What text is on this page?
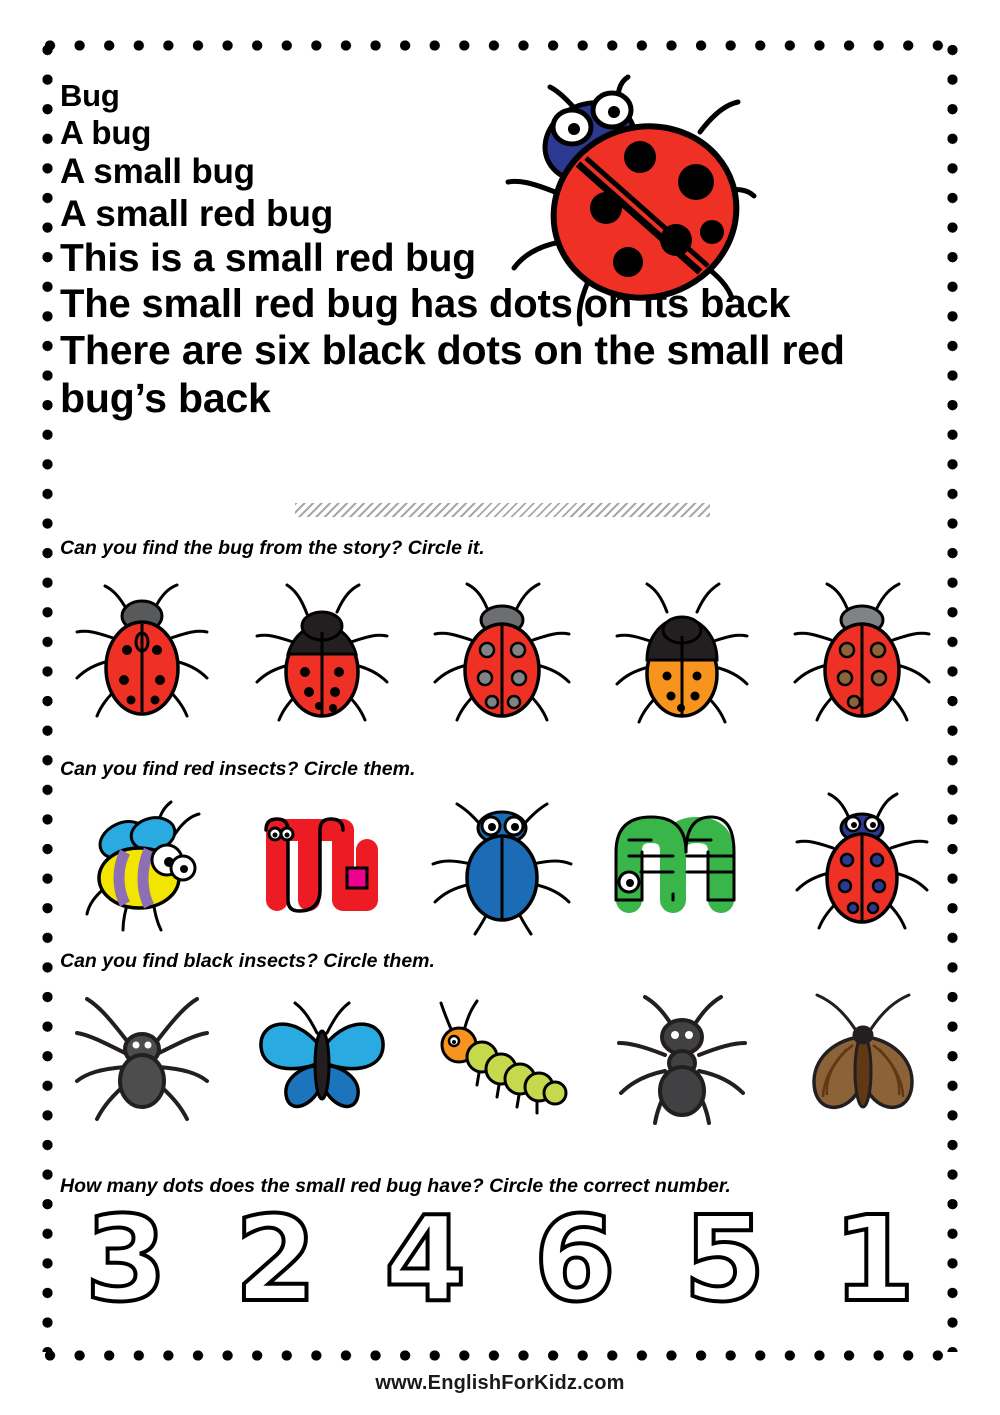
Bug
A bug
A small bug
A small red bug
This is a small red bug
The small red bug has dots on its back
There are six black dots on the small red bug’s back
Can you find the bug from the story? Circle it.
Can you find red insects? Circle them.
Can you find black insects? Circle them.
How many dots does the small red bug have? Circle the correct number.
3 2 4 6 5 1
www.EnglishForKidz.com
